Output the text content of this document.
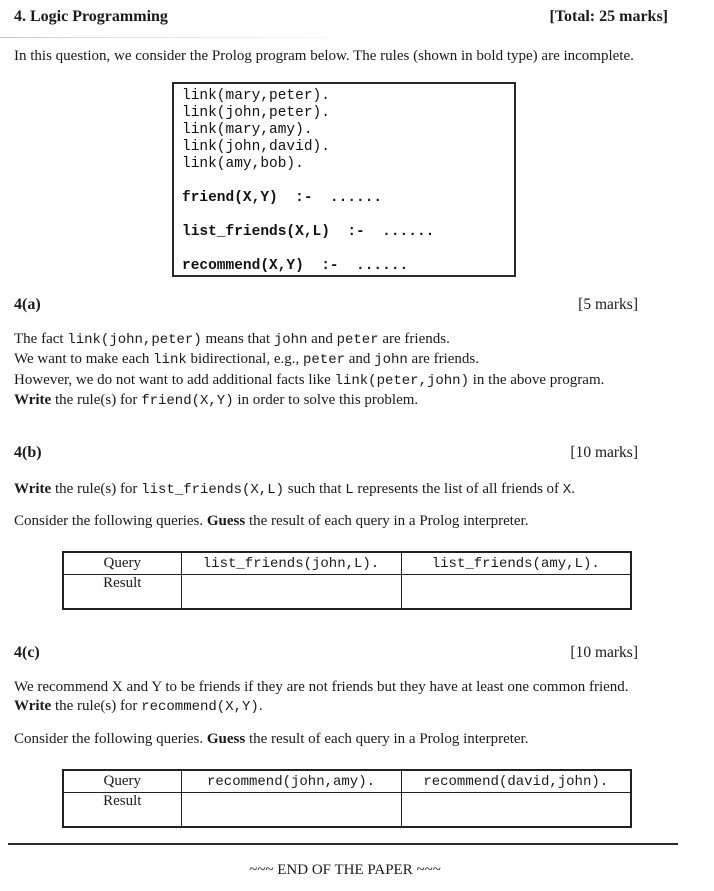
4. Logic Programming	[Total: 25 marks]
In this question, we consider the Prolog program below. The rules (shown in bold type) are incomplete.
link(mary,peter).
link(john,peter).
link(mary,amy).
link(john,david).
link(amy,bob).
friend(X,Y)  :-  ......
list_friends(X,L)  :-  ......
recommend(X,Y)  :-  ......
4(a)	[5 marks]
The fact link(john,peter) means that john and peter are friends.
We want to make each link bidirectional, e.g., peter and john are friends.
However, we do not want to add additional facts like link(peter,john) in the above program.
Write the rule(s) for friend(X,Y) in order to solve this problem.
4(b)	[10 marks]
Write the rule(s) for list_friends(X,L) such that L represents the list of all friends of X.
Consider the following queries. Guess the result of each query in a Prolog interpreter.
Query	list_friends(john,L).	list_friends(amy,L).
Result		
4(c)	[10 marks]
We recommend X and Y to be friends if they are not friends but they have at least one common friend.
Write the rule(s) for recommend(X,Y).
Consider the following queries. Guess the result of each query in a Prolog interpreter.
Query	recommend(john,amy).	recommend(david,john).
Result		
~~~ END OF THE PAPER ~~~
